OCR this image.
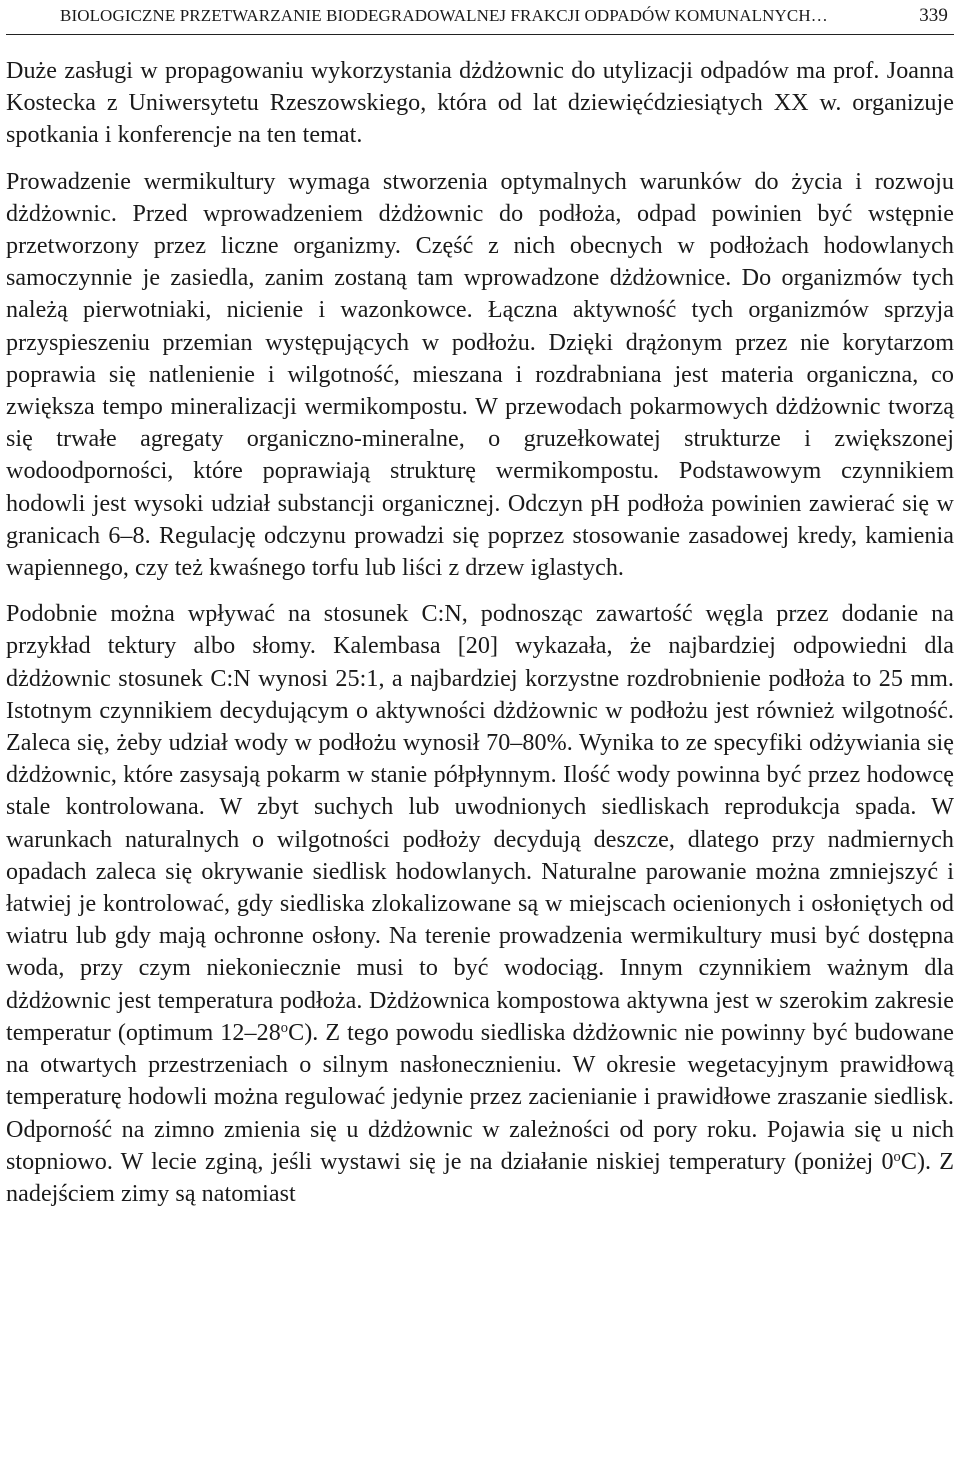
BIOLOGICZNE PRZETWARZANIE BIODEGRADOWALNEJ FRAKCJI ODPADÓW KOMUNALNYCH…	339

Duże zasługi w propagowaniu wykorzystania dżdżownic do utylizacji odpadów ma prof. Joanna Kostecka z Uniwersytetu Rzeszowskiego, która od lat dziewięćdziesiątych XX w. organizuje spotkania i konferencje na ten temat.

Prowadzenie wermikultury wymaga stworzenia optymalnych warunków do życia i rozwoju dżdżownic. Przed wprowadzeniem dżdżownic do podłoża, odpad powinien być wstępnie przetworzony przez liczne organizmy. Część z nich obecnych w podłożach hodowlanych samoczynnie je zasiedla, zanim zostaną tam wprowadzone dżdżownice. Do organizmów tych należą pierwotniaki, nicienie i wazonkowce. Łączna aktywność tych organizmów sprzyja przyspieszeniu przemian występujących w podłożu. Dzięki drążonym przez nie korytarzom poprawia się natlenienie i wilgotność, mieszana i rozdrabniana jest materia organiczna, co zwiększa tempo mineralizacji wermikompostu. W przewodach pokarmowych dżdżownic tworzą się trwałe agregaty organiczno-mineralne, o gruzełkowatej strukturze i zwiększonej wodoodporności, które poprawiają strukturę wermikompostu. Podstawowym czynnikiem hodowli jest wysoki udział substancji organicznej. Odczyn pH podłoża powinien zawierać się w granicach 6–8. Regulację odczynu prowadzi się poprzez stosowanie zasadowej kredy, kamienia wapiennego, czy też kwaśnego torfu lub liści z drzew iglastych.

Podobnie można wpływać na stosunek C:N, podnosząc zawartość węgla przez dodanie na przykład tektury albo słomy. Kalembasa [20] wykazała, że najbardziej odpowiedni dla dżdżownic stosunek C:N wynosi 25:1, a najbardziej korzystne rozdrobnienie podłoża to 25 mm. Istotnym czynnikiem decydującym o aktywności dżdżownic w podłożu jest również wilgotność. Zaleca się, żeby udział wody w podłożu wynosił 70–80%. Wynika to ze specyfiki odżywiania się dżdżownic, które zasysają pokarm w stanie półpłynnym. Ilość wody powinna być przez hodowcę stale kontrolowana. W zbyt suchych lub uwodnionych siedliskach reprodukcja spada. W warunkach naturalnych o wilgotności podłoży decydują deszcze, dlatego przy nadmiernych opadach zaleca się okrywanie siedlisk hodowlanych. Naturalne parowanie można zmniejszyć i łatwiej je kontrolować, gdy siedliska zlokalizowane są w miejscach ocienionych i osłoniętych od wiatru lub gdy mają ochronne osłony. Na terenie prowadzenia wermikultury musi być dostępna woda, przy czym niekoniecznie musi to być wodociąg. Innym czynnikiem ważnym dla dżdżownic jest temperatura podłoża. Dżdżownica kompostowa aktywna jest w szerokim zakresie temperatur (optimum 12–28$^o$C). Z tego powodu siedliska dżdżownic nie powinny być budowane na otwartych przestrzeniach o silnym nasłonecznieniu. W okresie wegetacyjnym prawidłową temperaturę hodowli można regulować jedynie przez zacienianie i prawidłowe zraszanie siedlisk. Odporność na zimno zmienia się u dżdżownic w zależności od pory roku. Pojawia się u nich stopniowo. W lecie zginą, jeśli wystawi się je na działanie niskiej temperatury (poniżej 0$^o$C). Z nadejściem zimy są natomiast
